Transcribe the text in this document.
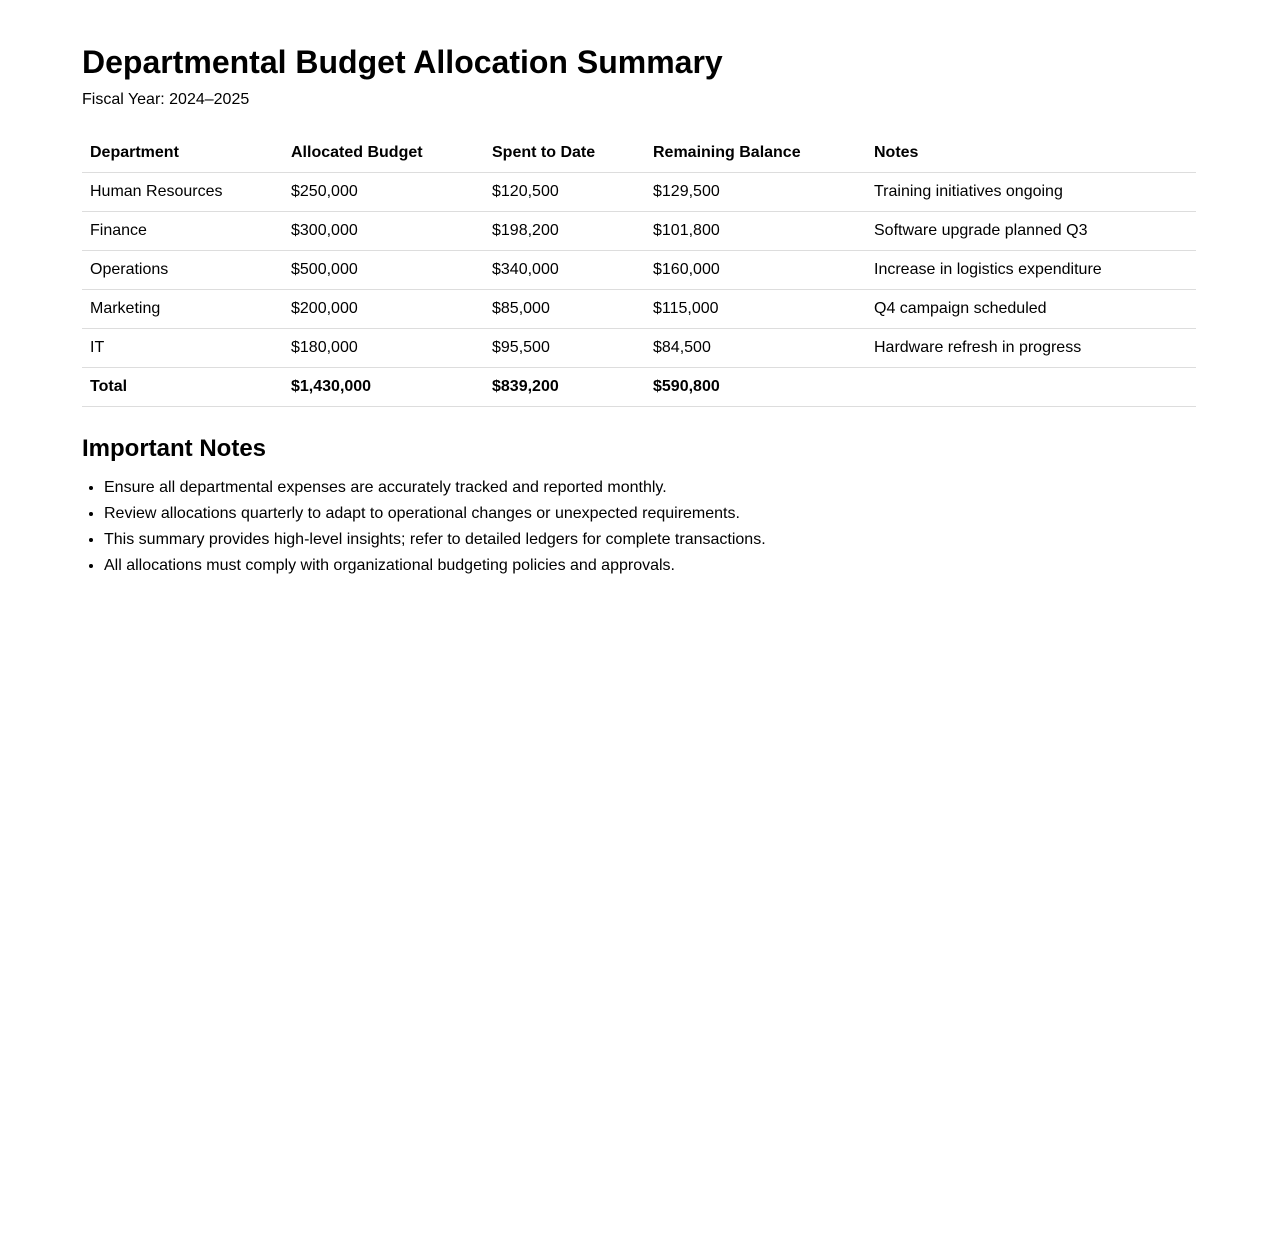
Departmental Budget Allocation Summary
Fiscal Year: 2024–2025
Department	Allocated Budget	Spent to Date	Remaining Balance	Notes
Human Resources	$250,000	$120,500	$129,500	Training initiatives ongoing
Finance	$300,000	$198,200	$101,800	Software upgrade planned Q3
Operations	$500,000	$340,000	$160,000	Increase in logistics expenditure
Marketing	$200,000	$85,000	$115,000	Q4 campaign scheduled
IT	$180,000	$95,500	$84,500	Hardware refresh in progress
Total	$1,430,000	$839,200	$590,800	
Important Notes
• Ensure all departmental expenses are accurately tracked and reported monthly.
• Review allocations quarterly to adapt to operational changes or unexpected requirements.
• This summary provides high-level insights; refer to detailed ledgers for complete transactions.
• All allocations must comply with organizational budgeting policies and approvals.
